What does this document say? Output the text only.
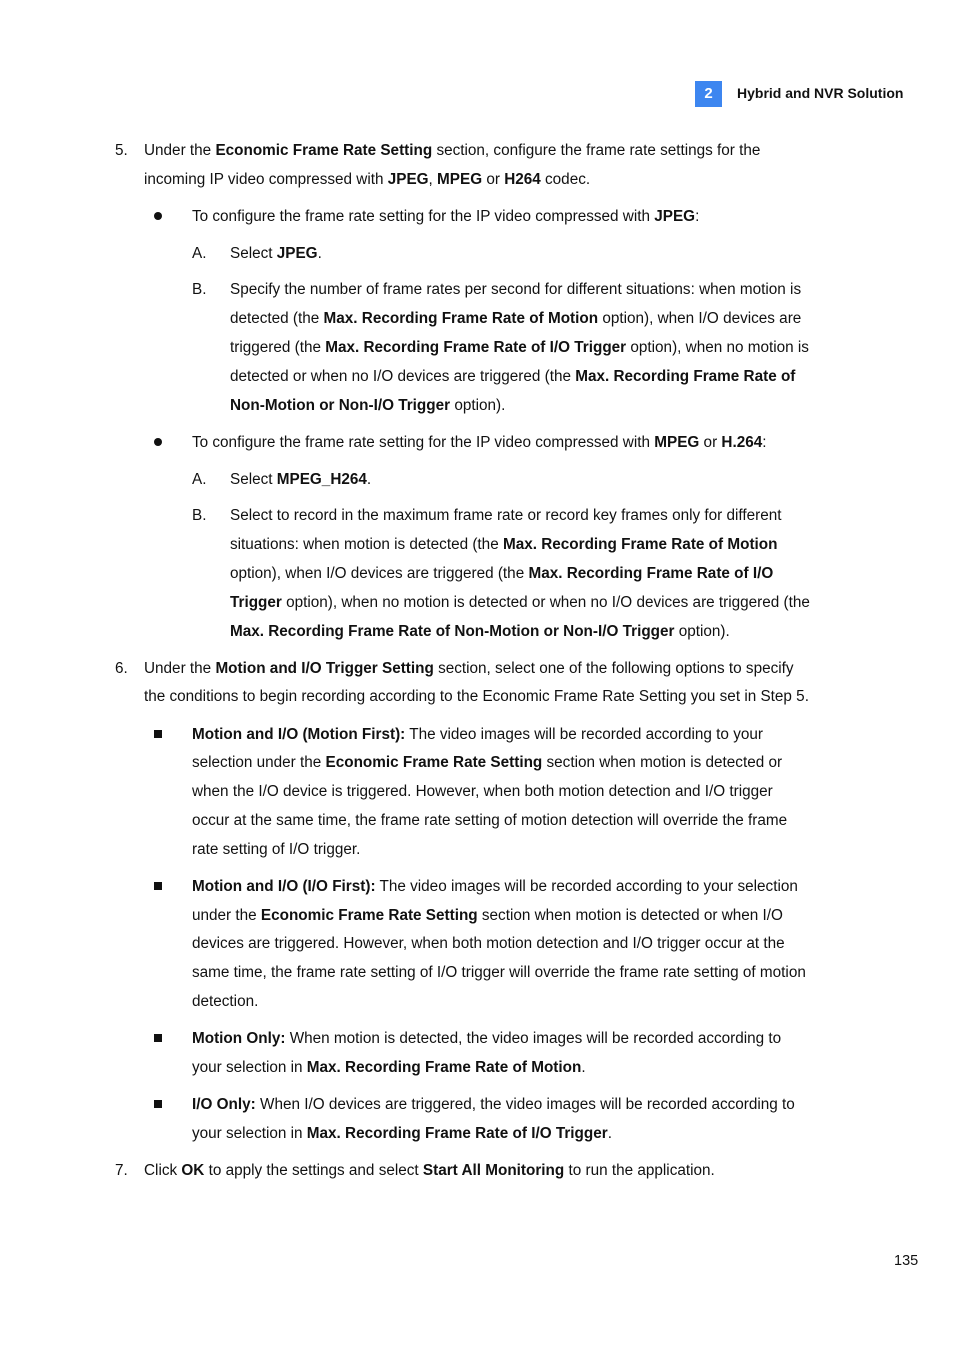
2	Hybrid and NVR Solution

5. Under the Economic Frame Rate Setting section, configure the frame rate settings for the

incoming IP video compressed with JPEG, MPEG or H264 codec.

To configure the frame rate setting for the IP video compressed with JPEG:

A. Select JPEG.

B. Specify the number of frame rates per second for different situations: when motion is

detected (the Max. Recording Frame Rate of Motion option), when I/O devices are

triggered (the Max. Recording Frame Rate of I/O Trigger option), when no motion is

detected or when no I/O devices are triggered (the Max. Recording Frame Rate of

Non-Motion or Non-I/O Trigger option).

To configure the frame rate setting for the IP video compressed with MPEG or H.264:

A. Select MPEG_H264.

B. Select to record in the maximum frame rate or record key frames only for different

situations: when motion is detected (the Max. Recording Frame Rate of Motion

option), when I/O devices are triggered (the Max. Recording Frame Rate of I/O

Trigger option), when no motion is detected or when no I/O devices are triggered (the

Max. Recording Frame Rate of Non-Motion or Non-I/O Trigger option).

6. Under the Motion and I/O Trigger Setting section, select one of the following options to specify

the conditions to begin recording according to the Economic Frame Rate Setting you set in Step 5.

Motion and I/O (Motion First): The video images will be recorded according to your

selection under the Economic Frame Rate Setting section when motion is detected or

when the I/O device is triggered. However, when both motion detection and I/O trigger

occur at the same time, the frame rate setting of motion detection will override the frame

rate setting of I/O trigger.

Motion and I/O (I/O First): The video images will be recorded according to your selection

under the Economic Frame Rate Setting section when motion is detected or when I/O

devices are triggered. However, when both motion detection and I/O trigger occur at the

same time, the frame rate setting of I/O trigger will override the frame rate setting of motion

detection.

Motion Only: When motion is detected, the video images will be recorded according to

your selection in Max. Recording Frame Rate of Motion.

I/O Only: When I/O devices are triggered, the video images will be recorded according to

your selection in Max. Recording Frame Rate of I/O Trigger.

7. Click OK to apply the settings and select Start All Monitoring to run the application.

135
